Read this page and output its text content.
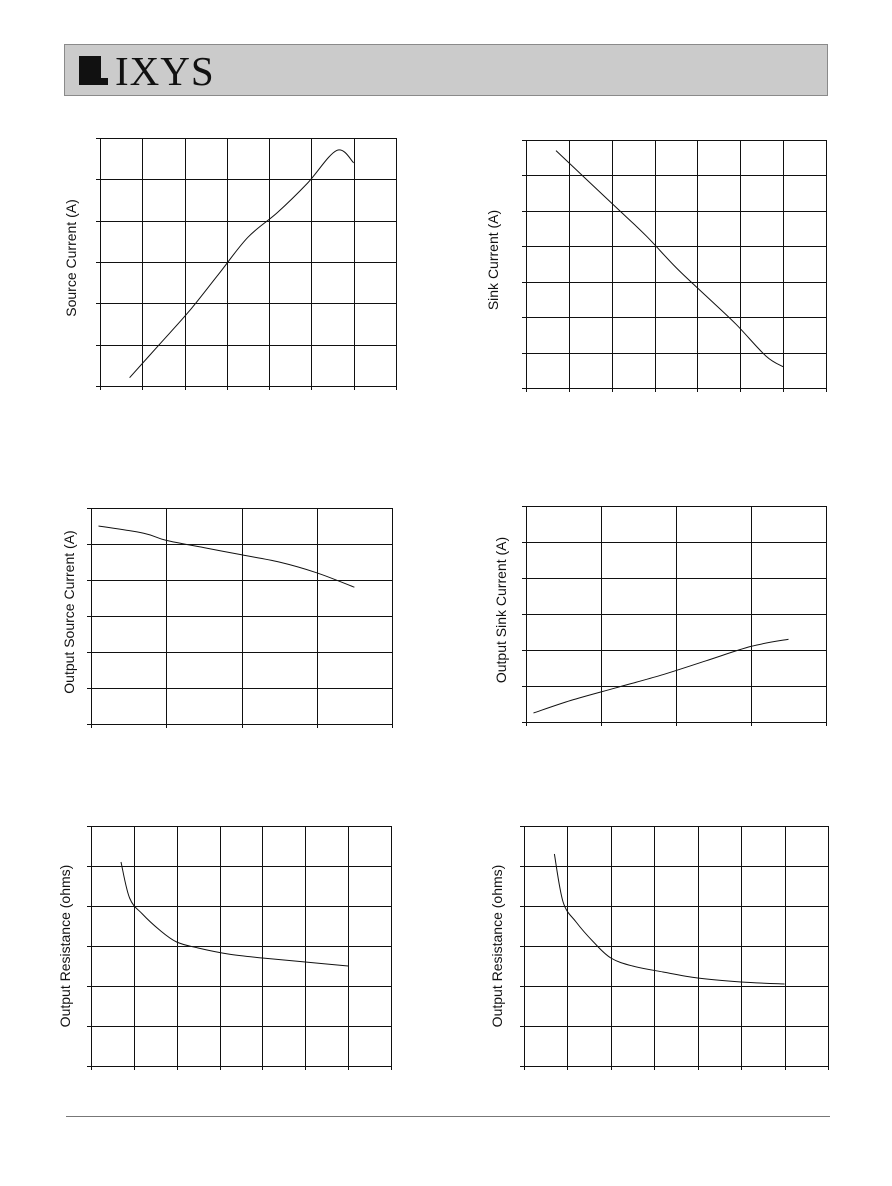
IXYS
Source Current (A)	Sink Current (A)
Output Source Current (A)	Output Sink Current (A)
Output Resistance (ohms)	Output Resistance (ohms)
